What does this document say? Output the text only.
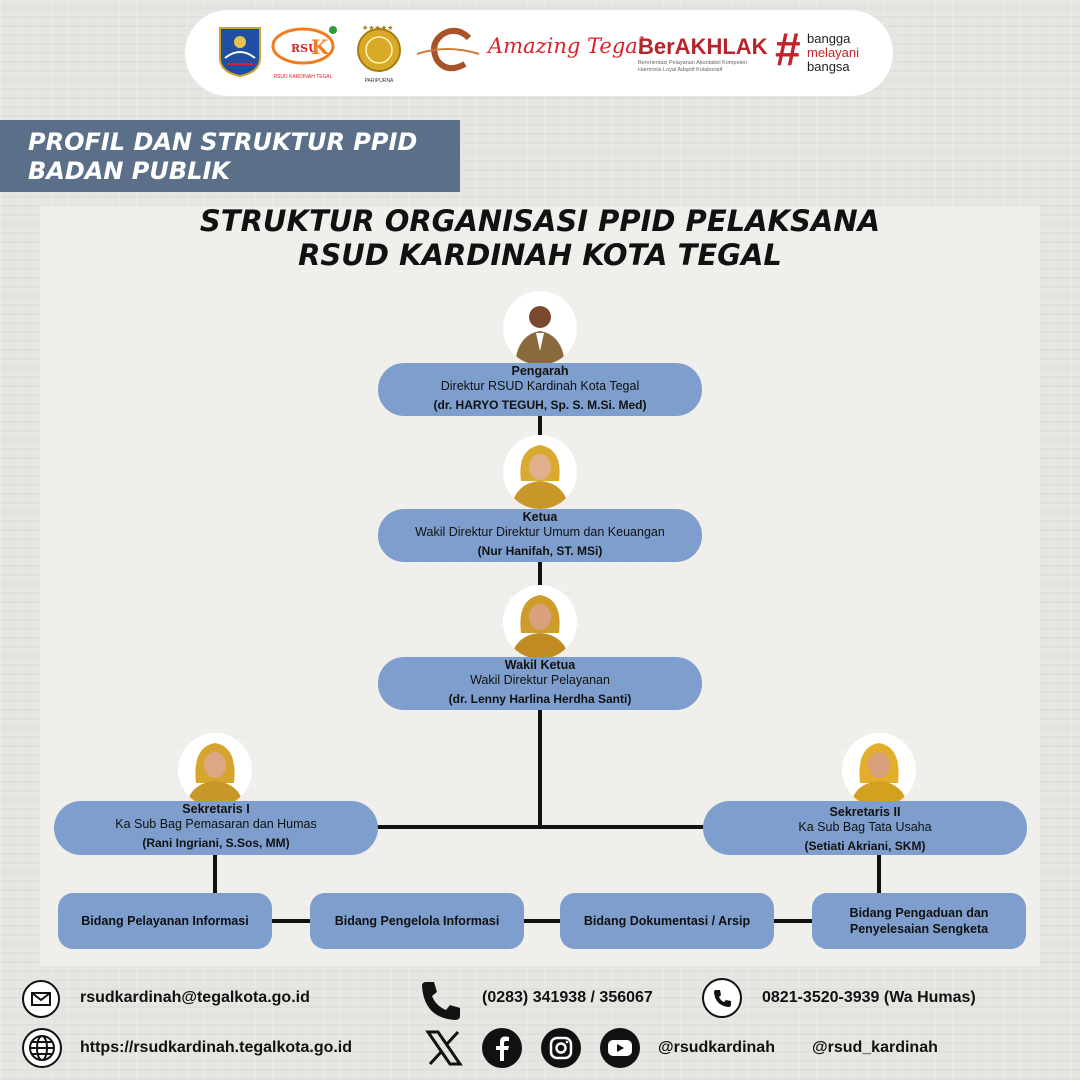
RSU
K
RSUD KARDINAH TEGAL
★★★★★
PARIPURNA
Amazing Tegal
BerAKHLAK
Berorientasi Pelayanan Akuntabel Kompeten Harmonis Loyal Adaptif Kolaboratif	# bangga
melayani
bangsa
PROFIL DAN STRUKTUR PPID
BADAN PUBLIK
STRUKTUR ORGANISASI PPID PELAKSANA
RSUD KARDINAH KOTA TEGAL
Pengarah
Direktur RSUD Kardinah Kota Tegal
(dr. HARYO TEGUH, Sp. S. M.Si. Med)
Ketua
Wakil Direktur Direktur Umum dan Keuangan
(Nur Hanifah, ST. MSi)
Wakil Ketua
Wakil Direktur Pelayanan
(dr. Lenny Harlina Herdha Santi)
Sekretaris I
Ka Sub Bag Pemasaran dan Humas
(Rani Ingriani, S.Sos, MM)
Sekretaris II
Ka Sub Bag Tata Usaha
(Setiati Akriani, SKM)
Bidang Pelayanan Informasi	Bidang Pengelola Informasi	Bidang Dokumentasi / Arsip
Bidang Pengaduan dan Penyelesaian Sengketa
rsudkardinah@tegalkota.go.id	(0283) 341938 / 356067	0821-3520-3939 (Wa Humas)
https://rsudkardinah.tegalkota.go.id	@rsudkardinah @rsud_kardinah
